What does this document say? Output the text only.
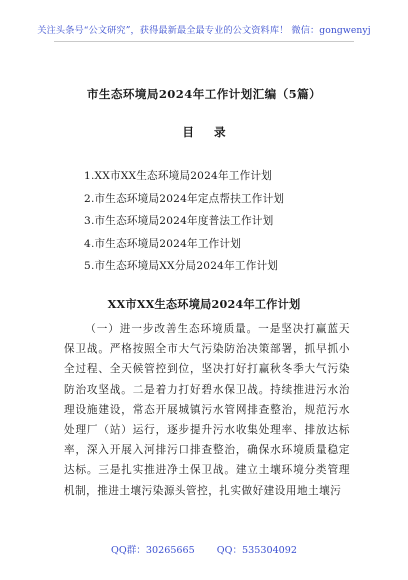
关注头条号“公文研究”，获得最新最全最专业的公文资料库！ 微信：gongwenyj
市生态环境局2024年工作计划汇编（5篇）
目 录
1.XX市XX生态环境局2024年工作计划
2.市生态环境局2024年定点帮扶工作计划
3.市生态环境局2024年度普法工作计划
4.市生态环境局2024年工作计划
5.市生态环境局XX分局2024年工作计划
XX市XX生态环境局2024年工作计划

（一）进一步改善生态环境质量。一是坚决打赢蓝天保卫战。严格按照全市大气污染防治决策部署，抓早抓小全过程、全天候管控到位，坚决打好打赢秋冬季大气污染防治攻坚战。二是着力打好碧水保卫战。持续推进污水治理设施建设，常态开展城镇污水管网排查整治，规范污水处理厂（站）运行，逐步提升污水收集处理率、排放达标率，深入开展入河排污口排查整治，确保水环境质量稳定达标。三是扎实推进净土保卫战。建立土壤环境分类管理机制，推进土壤污染源头管控，扎实做好建设用地土壤污

QQ群：30265665 QQ：535304092
